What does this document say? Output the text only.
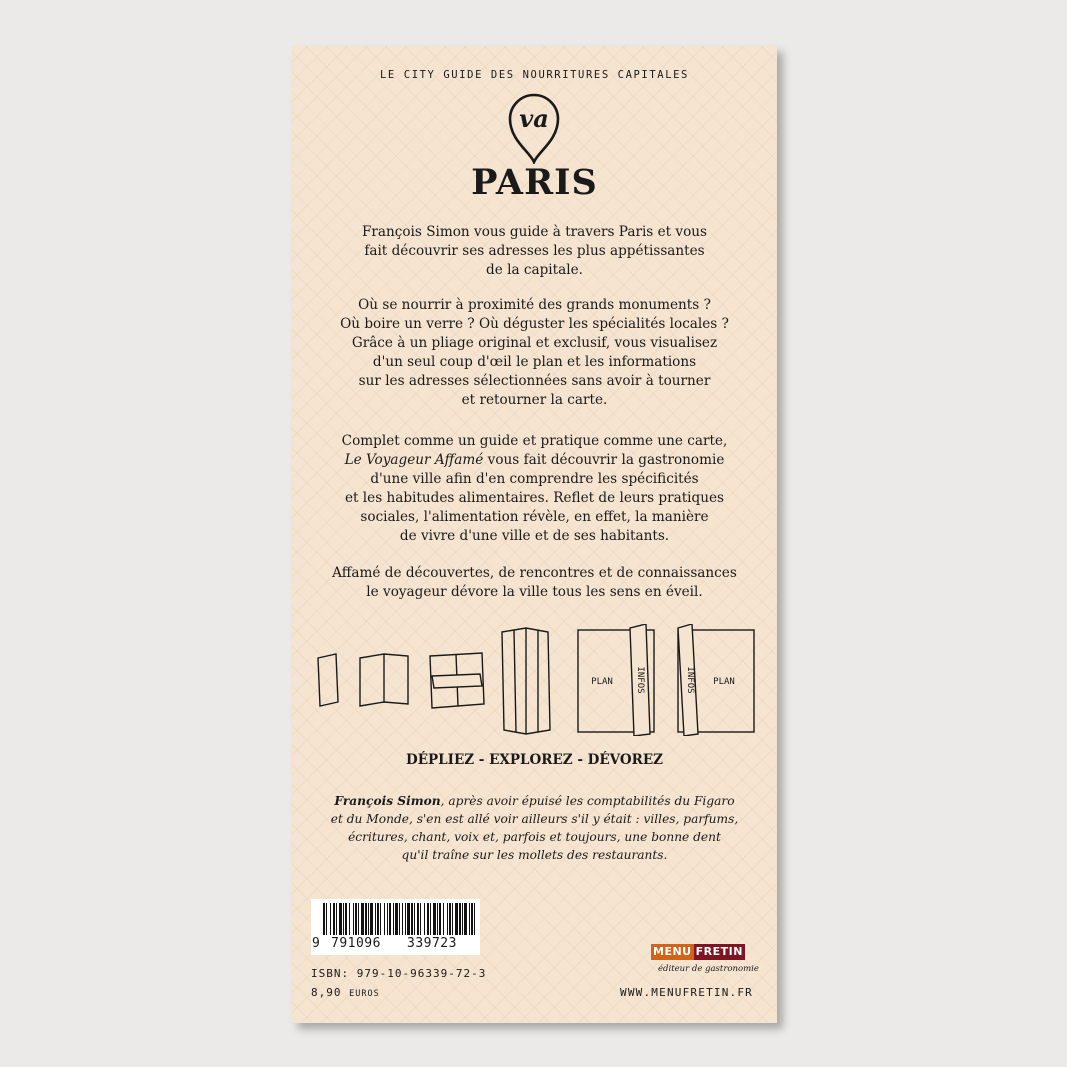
LE CITY GUIDE DES NOURRITURES CAPITALES
va
PARIS
François Simon vous guide à travers Paris et vous
fait découvrir ses adresses les plus appétissantes
de la capitale.
Où se nourrir à proximité des grands monuments ?
Où boire un verre ? Où déguster les spécialités locales ?
Grâce à un pliage original et exclusif, vous visualisez
d'un seul coup d'œil le plan et les informations
sur les adresses sélectionnées sans avoir à tourner
et retourner la carte.
Complet comme un guide et pratique comme une carte,
Le Voyageur Affamé vous fait découvrir la gastronomie
d'une ville afin d'en comprendre les spécificités
et les habitudes alimentaires. Reflet de leurs pratiques
sociales, l'alimentation révèle, en effet, la manière
de vivre d'une ville et de ses habitants.
Affamé de découvertes, de rencontres et de connaissances
le voyageur dévore la ville tous les sens en éveil.
PLAN INFOS	INFOS PLAN
DÉPLIEZ - EXPLOREZ - DÉVOREZ
François Simon, après avoir épuisé les comptabilités du Figaro
et du Monde, s'en est allé voir ailleurs s'il y était : villes, parfums,
écritures, chant, voix et, parfois et toujours, une bonne dent
qu'il traîne sur les mollets des restaurants.
9 791096 339723
ISBN: 979-10-96339-72-3
8,90 EUROS
MENU FRETIN
éditeur de gastronomie
WWW.MENUFRETIN.FR
